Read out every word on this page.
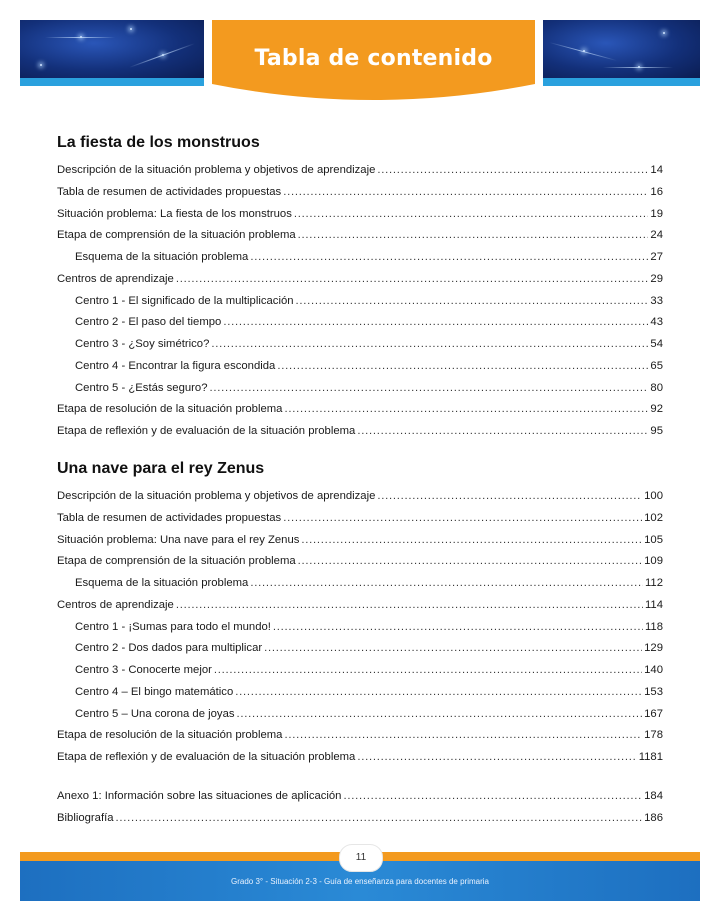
Tabla de contenido
La fiesta de los monstruos
Descripción de la situación problema y objetivos de aprendizaje . . .	14
Tabla de resumen de actividades propuestas . . .	16
Situación problema: La fiesta de los monstruos . . .	19
Etapa de comprensión de la situación problema . . .	24
Esquema de la situación problema . . .	27
Centros de aprendizaje . . .	29
Centro 1 - El significado de la multiplicación . . .	33
Centro 2 - El paso del tiempo . . .	43
Centro 3 - ¿Soy simétrico? . . .	54
Centro 4 - Encontrar la figura escondida . . .	65
Centro 5 - ¿Estás seguro? . . .	80
Etapa de resolución de la situación problema . . .	92
Etapa de reflexión y de evaluación de la situación problema . . .	95
Una nave para el rey Zenus
Descripción de la situación problema y objetivos de aprendizaje . . .	100
Tabla de resumen de actividades propuestas . . .	102
Situación problema: Una nave para el rey Zenus . . .	105
Etapa de comprensión de la situación problema . . .	109
Esquema de la situación problema . . .	112
Centros de aprendizaje . . .	114
Centro 1 - ¡Sumas para todo el mundo! . . .	118
Centro 2 - Dos dados para multiplicar . . .	129
Centro 3 - Conocerte mejor . . .	140
Centro 4 – El bingo matemático . . .	153
Centro 5 – Una corona de joyas . . .	167
Etapa de resolución de la situación problema . . .	178
Etapa de reflexión y de evaluación de la situación problema . . .	1181
Anexo 1: Información sobre las situaciones de aplicación . . .	184
Bibliografía . . .	186
Grado 3° - Situación 2-3 - Guía de enseñanza para docentes de primaria
11
